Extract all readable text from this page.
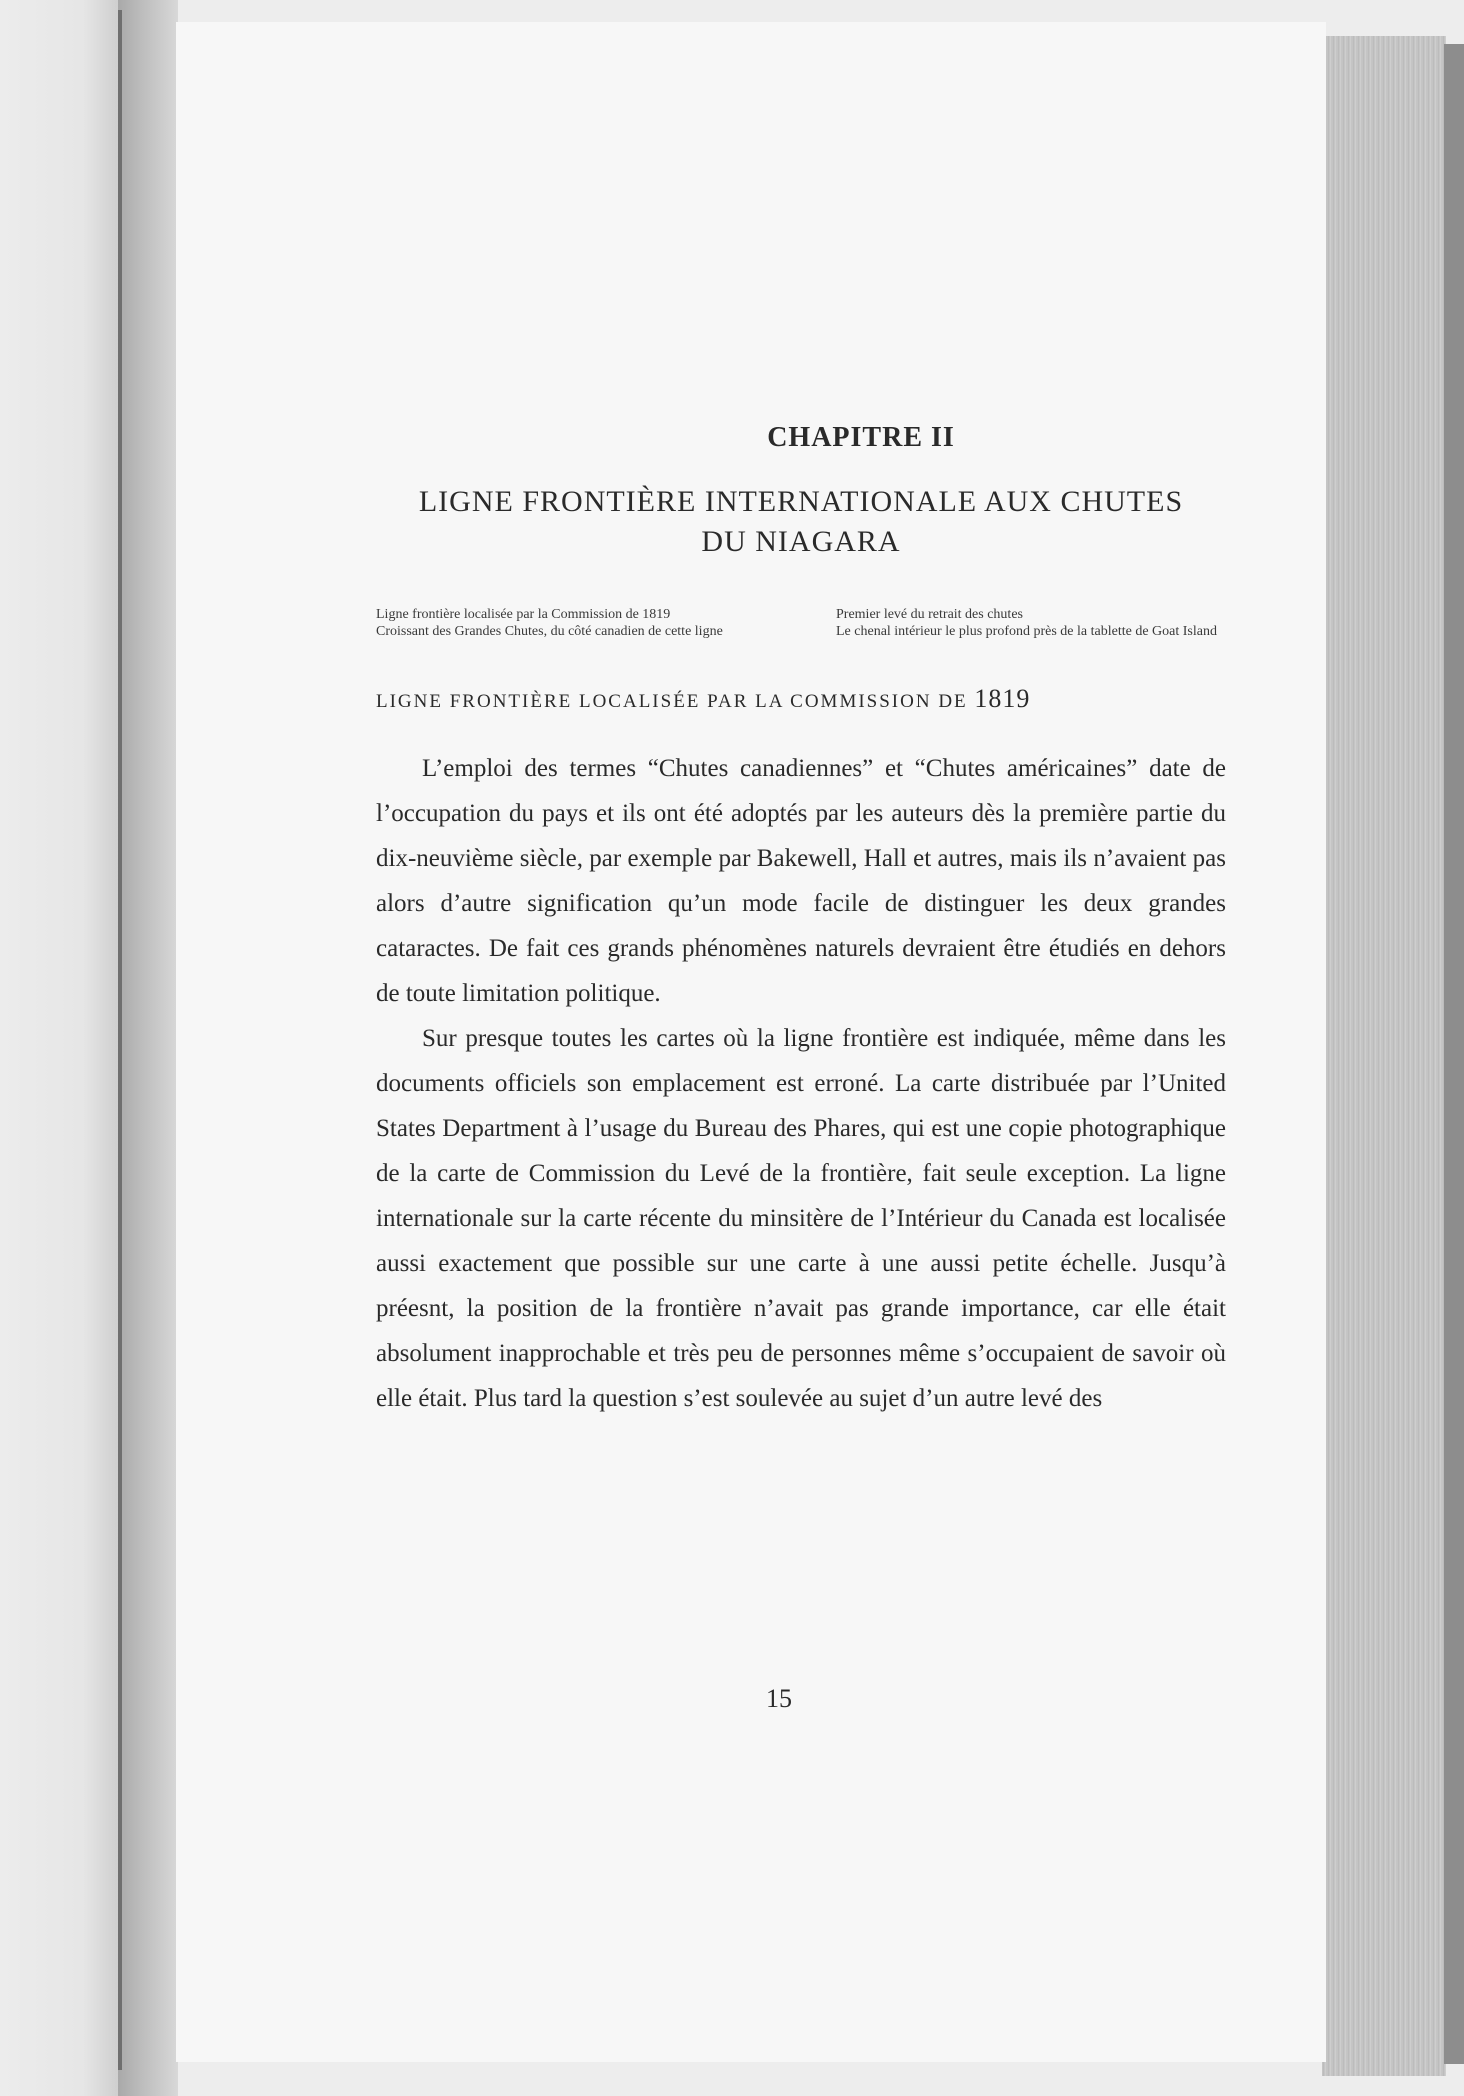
CHAPITRE II
LIGNE FRONTIÈRE INTERNATIONALE AUX CHUTES
DU NIAGARA
Ligne frontière localisée par la Commission de 1819
Croissant des Grandes Chutes, du côté canadien de cette ligne
Premier levé du retrait des chutes
Le chenal intérieur le plus profond près de la tablette de Goat Island
LIGNE FRONTIÈRE LOCALISÉE PAR LA COMMISSION DE 1819

L’emploi des termes “Chutes canadiennes” et “Chutes américaines” date de l’occupation du pays et ils ont été adoptés par les auteurs dès la première partie du dix-neuvième siècle, par exemple par Bakewell, Hall et autres, mais ils n’avaient pas alors d’autre signification qu’un mode facile de distinguer les deux grandes cataractes. De fait ces grands phénomènes naturels devraient être étudiés en dehors de toute limitation politique.

Sur presque toutes les cartes où la ligne frontière est indiquée, même dans les documents officiels son emplacement est erroné. La carte distribuée par l’United States Department à l’usage du Bureau des Phares, qui est une copie photographique de la carte de Commission du Levé de la frontière, fait seule exception. La ligne internationale sur la carte récente du minsitère de l’Intérieur du Canada est localisée aussi exactement que possible sur une carte à une aussi petite échelle. Jusqu’à préesnt, la position de la frontière n’avait pas grande importance, car elle était absolument inapprochable et très peu de personnes même s’occupaient de savoir où elle était. Plus tard la question s’est soulevée au sujet d’un autre levé des

15
